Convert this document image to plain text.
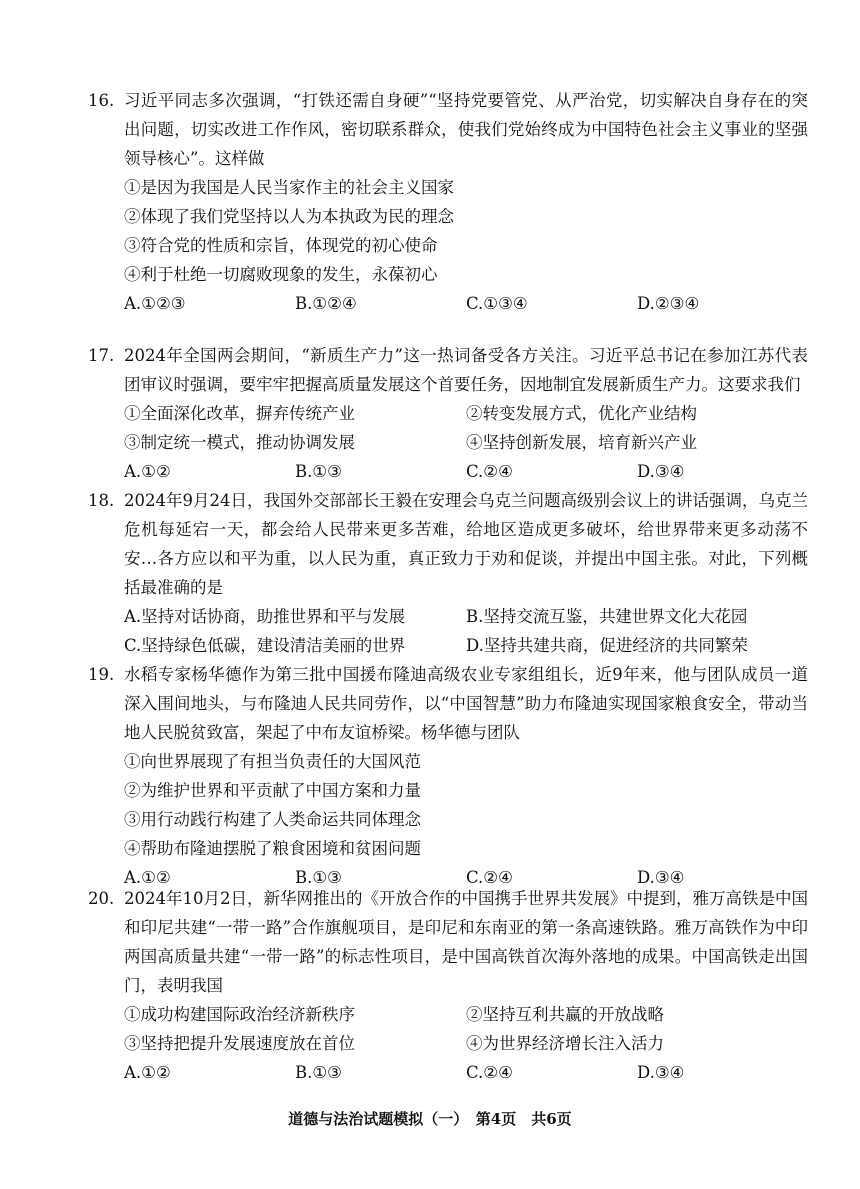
16. 习近平同志多次强调，“打铁还需自身硬”“坚持党要管党、从严治党，切实解决自身存在的突出问题，切实改进工作作风，密切联系群众，使我们党始终成为中国特色社会主义事业的坚强领导核心”。这样做
①是因为我国是人民当家作主的社会主义国家
②体现了我们党坚持以人为本执政为民的理念
③符合党的性质和宗旨，体现党的初心使命
④利于杜绝一切腐败现象的发生，永葆初心
A.①②③	B.①②④	C.①③④	D.②③④
17. 2024年全国两会期间，“新质生产力”这一热词备受各方关注。习近平总书记在参加江苏代表团审议时强调，要牢牢把握高质量发展这个首要任务，因地制宜发展新质生产力。这要求我们
①全面深化改革，摒弃传统产业	②转变发展方式，优化产业结构
③制定统一模式，推动协调发展	④坚持创新发展，培育新兴产业
A.①②	B.①③	C.②④	D.③④
18. 2024年9月24日，我国外交部部长王毅在安理会乌克兰问题高级别会议上的讲话强调，乌克兰危机每延宕一天，都会给人民带来更多苦难，给地区造成更多破坏，给世界带来更多动荡不安…各方应以和平为重，以人民为重，真正致力于劝和促谈，并提出中国主张。对此，下列概括最准确的是
A.坚持对话协商，助推世界和平与发展	B.坚持交流互鉴，共建世界文化大花园
C.坚持绿色低碳，建设清洁美丽的世界	D.坚持共建共商，促进经济的共同繁荣
19. 水稻专家杨华德作为第三批中国援布隆迪高级农业专家组组长，近9年来，他与团队成员一道深入围间地头，与布隆迪人民共同劳作，以“中国智慧”助力布隆迪实现国家粮食安全，带动当地人民脱贫致富，架起了中布友谊桥梁。杨华德与团队
①向世界展现了有担当负责任的大国风范
②为维护世界和平贡献了中国方案和力量
③用行动践行构建了人类命运共同体理念
④帮助布隆迪摆脱了粮食困境和贫困问题
A.①②	B.①③	C.②④	D.③④
20. 2024年10月2日，新华网推出的《开放合作的中国携手世界共发展》中提到，雅万高铁是中国和印尼共建“一带一路”合作旗舰项目，是印尼和东南亚的第一条高速铁路。雅万高铁作为中印两国高质量共建“一带一路”的标志性项目，是中国高铁首次海外落地的成果。中国高铁走出国门，表明我国
①成功构建国际政治经济新秩序	②坚持互利共赢的开放战略
③坚持把提升发展速度放在首位	④为世界经济增长注入活力
A.①②	B.①③	C.②④	D.③④
道德与法治试题模拟（一）　第4页　共6页
